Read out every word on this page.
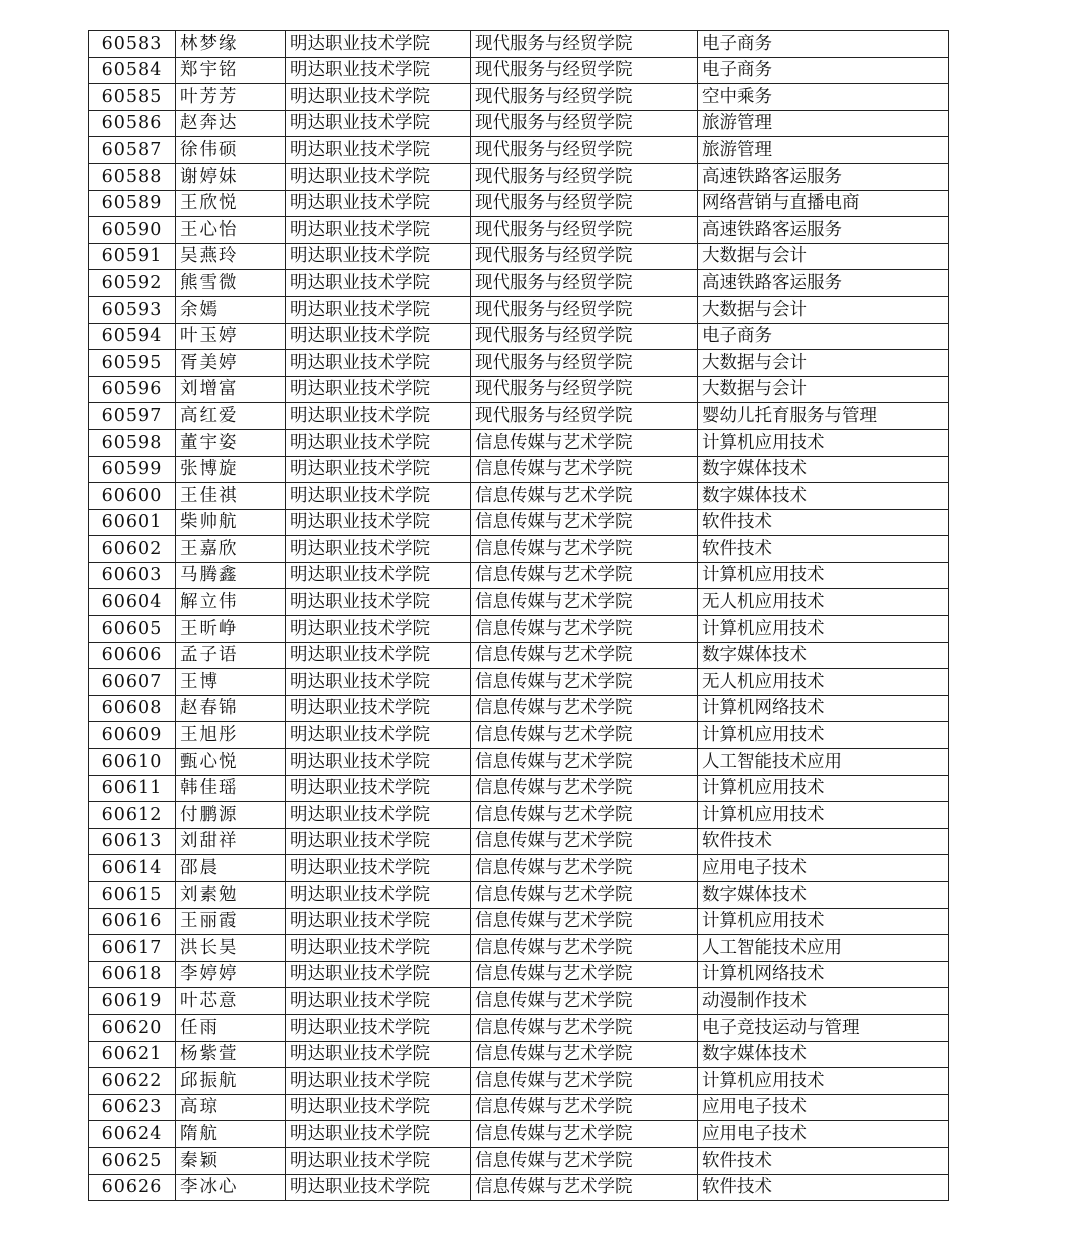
60583	林梦缘	明达职业技术学院	现代服务与经贸学院	电子商务
60584	郑宇铭	明达职业技术学院	现代服务与经贸学院	电子商务
60585	叶芳芳	明达职业技术学院	现代服务与经贸学院	空中乘务
60586	赵奔达	明达职业技术学院	现代服务与经贸学院	旅游管理
60587	徐伟硕	明达职业技术学院	现代服务与经贸学院	旅游管理
60588	谢婷妹	明达职业技术学院	现代服务与经贸学院	高速铁路客运服务
60589	王欣悦	明达职业技术学院	现代服务与经贸学院	网络营销与直播电商
60590	王心怡	明达职业技术学院	现代服务与经贸学院	高速铁路客运服务
60591	吴燕玲	明达职业技术学院	现代服务与经贸学院	大数据与会计
60592	熊雪微	明达职业技术学院	现代服务与经贸学院	高速铁路客运服务
60593	余嫣	明达职业技术学院	现代服务与经贸学院	大数据与会计
60594	叶玉婷	明达职业技术学院	现代服务与经贸学院	电子商务
60595	胥美婷	明达职业技术学院	现代服务与经贸学院	大数据与会计
60596	刘增富	明达职业技术学院	现代服务与经贸学院	大数据与会计
60597	高红爱	明达职业技术学院	现代服务与经贸学院	婴幼儿托育服务与管理
60598	董宇姿	明达职业技术学院	信息传媒与艺术学院	计算机应用技术
60599	张博旋	明达职业技术学院	信息传媒与艺术学院	数字媒体技术
60600	王佳祺	明达职业技术学院	信息传媒与艺术学院	数字媒体技术
60601	柴帅航	明达职业技术学院	信息传媒与艺术学院	软件技术
60602	王嘉欣	明达职业技术学院	信息传媒与艺术学院	软件技术
60603	马腾鑫	明达职业技术学院	信息传媒与艺术学院	计算机应用技术
60604	解立伟	明达职业技术学院	信息传媒与艺术学院	无人机应用技术
60605	王昕峥	明达职业技术学院	信息传媒与艺术学院	计算机应用技术
60606	孟子语	明达职业技术学院	信息传媒与艺术学院	数字媒体技术
60607	王博	明达职业技术学院	信息传媒与艺术学院	无人机应用技术
60608	赵春锦	明达职业技术学院	信息传媒与艺术学院	计算机网络技术
60609	王旭彤	明达职业技术学院	信息传媒与艺术学院	计算机应用技术
60610	甄心悦	明达职业技术学院	信息传媒与艺术学院	人工智能技术应用
60611	韩佳瑶	明达职业技术学院	信息传媒与艺术学院	计算机应用技术
60612	付鹏源	明达职业技术学院	信息传媒与艺术学院	计算机应用技术
60613	刘甜祥	明达职业技术学院	信息传媒与艺术学院	软件技术
60614	邵晨	明达职业技术学院	信息传媒与艺术学院	应用电子技术
60615	刘素勉	明达职业技术学院	信息传媒与艺术学院	数字媒体技术
60616	王丽霞	明达职业技术学院	信息传媒与艺术学院	计算机应用技术
60617	洪长昊	明达职业技术学院	信息传媒与艺术学院	人工智能技术应用
60618	李婷婷	明达职业技术学院	信息传媒与艺术学院	计算机网络技术
60619	叶芯意	明达职业技术学院	信息传媒与艺术学院	动漫制作技术
60620	任雨	明达职业技术学院	信息传媒与艺术学院	电子竞技运动与管理
60621	杨紫萱	明达职业技术学院	信息传媒与艺术学院	数字媒体技术
60622	邱振航	明达职业技术学院	信息传媒与艺术学院	计算机应用技术
60623	高琼	明达职业技术学院	信息传媒与艺术学院	应用电子技术
60624	隋航	明达职业技术学院	信息传媒与艺术学院	应用电子技术
60625	秦颖	明达职业技术学院	信息传媒与艺术学院	软件技术
60626	李冰心	明达职业技术学院	信息传媒与艺术学院	软件技术
